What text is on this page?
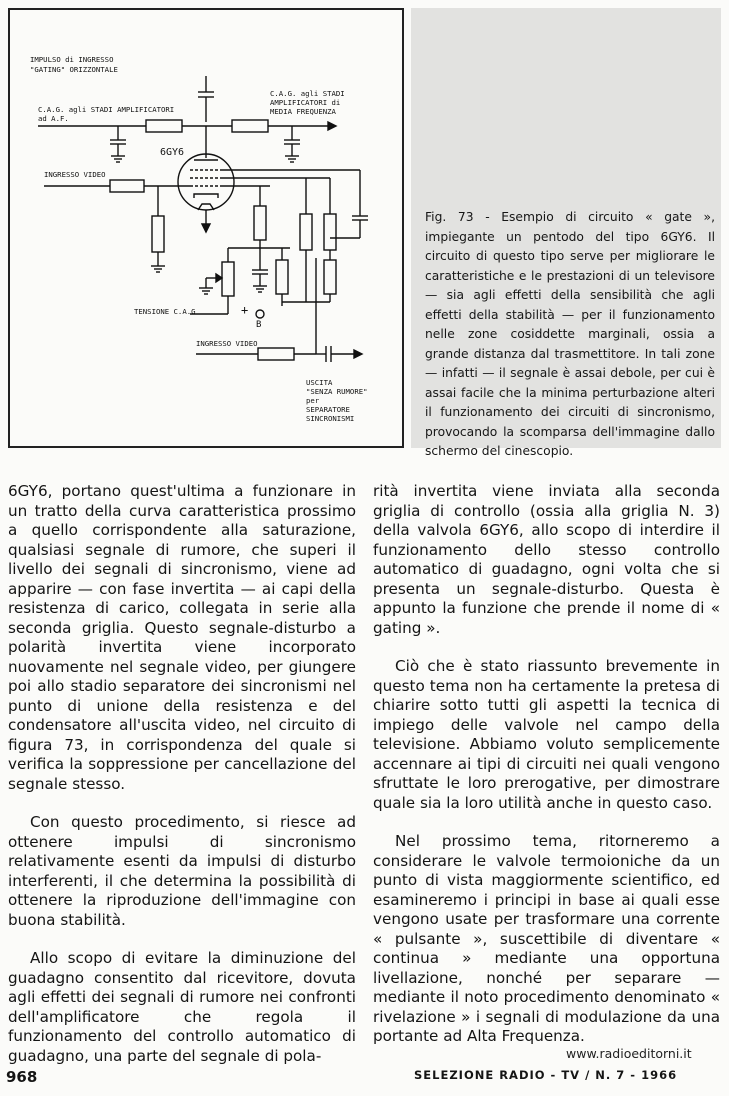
IMPULSO di INGRESSO
"GATING" ORIZZONTALE
C.A.G. agli STADI AMPLIFICATORI
ad A.F.
C.A.G. agli STADI
AMPLIFICATORI di
MEDIA FREQUENZA
6GY6
INGRESSO VIDEO
TENSIONE C.A.G	+
B
INGRESSO VIDEO
USCITA
"SENZA RUMORE"
per
SEPARATORE
SINCRONISMI
Fig. 73 - Esempio di circuito « gate », impiegante un pentodo del tipo 6GY6. Il circuito di questo tipo serve per migliorare le caratteristiche e le prestazioni di un televisore — sia agli effetti della sensibilità che agli effetti della stabilità — per il funzionamento nelle zone cosiddette marginali, ossia a grande distanza dal trasmettitore. In tali zone — infatti — il segnale è assai debole, per cui è assai facile che la minima perturbazione alteri il funzionamento dei circuiti di sincronismo, provocando la scomparsa dell'immagine dallo schermo del cinescopio.

6GY6, portano quest'ultima a funzionare in un tratto della curva caratteristica prossimo a quello corrispondente alla saturazione, qualsiasi segnale di rumore, che superi il livello dei segnali di sincronismo, viene ad apparire — con fase invertita — ai capi della resistenza di carico, collegata in serie alla seconda griglia. Questo segnale-disturbo a polarità invertita viene incorporato nuovamente nel segnale video, per giungere poi allo stadio separatore dei sincronismi nel punto di unione della resistenza e del condensatore all'uscita video, nel circuito di figura 73, in corrispondenza del quale si verifica la soppressione per cancellazione del segnale stesso.

Con questo procedimento, si riesce ad ottenere impulsi di sincronismo relativamente esenti da impulsi di disturbo interferenti, il che determina la possibilità di ottenere la riproduzione dell'immagine con buona stabilità.

Allo scopo di evitare la diminuzione del guadagno consentito dal ricevitore, dovuta agli effetti dei segnali di rumore nei confronti dell'amplificatore che regola il funzionamento del controllo automatico di guadagno, una parte del segnale di pola-

rità invertita viene inviata alla seconda griglia di controllo (ossia alla griglia N. 3) della valvola 6GY6, allo scopo di interdire il funzionamento dello stesso controllo automatico di guadagno, ogni volta che si presenta un segnale-disturbo. Questa è appunto la funzione che prende il nome di « gating ».

Ciò che è stato riassunto brevemente in questo tema non ha certamente la pretesa di chiarire sotto tutti gli aspetti la tecnica di impiego delle valvole nel campo della televisione. Abbiamo voluto semplicemente accennare ai tipi di circuiti nei quali vengono sfruttate le loro prerogative, per dimostrare quale sia la loro utilità anche in questo caso.

Nel prossimo tema, ritorneremo a considerare le valvole termoioniche da un punto di vista maggiormente scientifico, ed esamineremo i principi in base ai quali esse vengono usate per trasformare una corrente « pulsante », suscettibile di diventare « continua » mediante una opportuna livellazione, nonché per separare — mediante il noto procedimento denominato « rivelazione » i segnali di modulazione da una portante ad Alta Frequenza.

www.radioeditorni.it
968	SELEZIONE RADIO - TV / N. 7 - 1966
